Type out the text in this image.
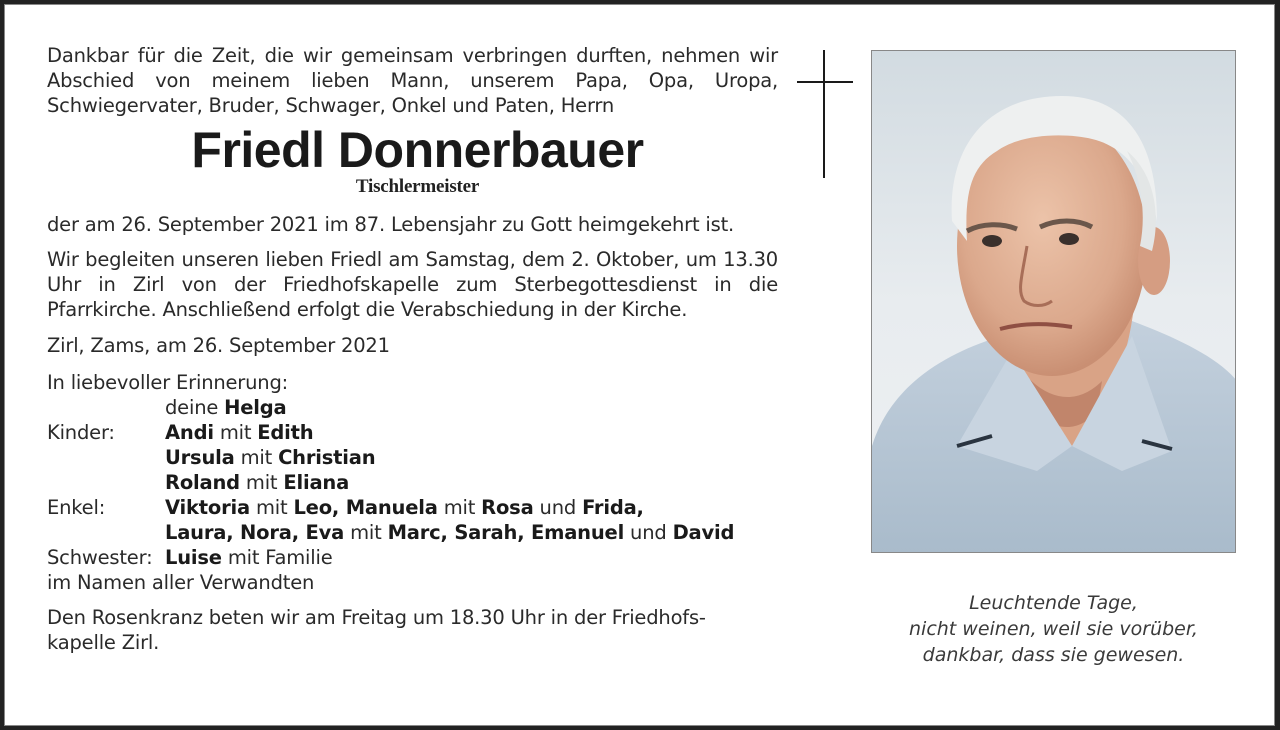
Dankbar für die Zeit, die wir gemeinsam verbringen durften, nehmen wir Abschied von meinem lieben Mann, unserem Papa, Opa, Uropa, Schwiegervater, Bruder, Schwager, Onkel und Paten, Herrn

Friedl Donnerbauer
Tischlermeister

der am 26. September 2021 im 87. Lebensjahr zu Gott heimgekehrt ist.

Wir begleiten unseren lieben Friedl am Samstag, dem 2. Oktober, um 13.30 Uhr in Zirl von der Friedhofskapelle zum Sterbegottesdienst in die Pfarrkirche. Anschließend erfolgt die Verabschiedung in der Kirche.

Zirl, Zams, am 26. September 2021

In liebevoller Erinnerung:
deine Helga
Kinder:	Andi mit Edith
Ursula mit Christian
Roland mit Eliana
Enkel:	Viktoria mit Leo, Manuela mit Rosa und Frida,
Laura, Nora, Eva mit Marc, Sarah, Emanuel und David
Schwester: Luise mit Familie
im Namen aller Verwandten

Den Rosenkranz beten wir am Freitag um 18.30 Uhr in der Friedhofs-
kapelle Zirl.

Leuchtende Tage,
nicht weinen, weil sie vorüber,
dankbar, dass sie gewesen.
